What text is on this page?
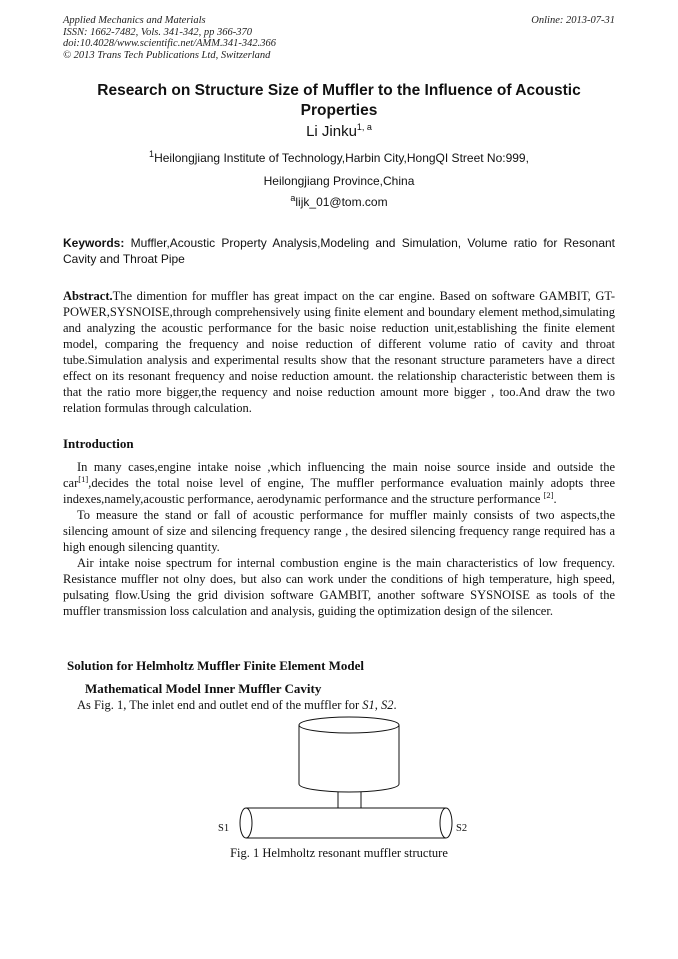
Applied Mechanics and Materials
ISSN: 1662-7482, Vols. 341-342, pp 366-370
doi:10.4028/www.scientific.net/AMM.341-342.366
© 2013 Trans Tech Publications Ltd, Switzerland
Online: 2013-07-31
Research on Structure Size of Muffler to the Influence of Acoustic Properties
Li Jinku$^{1, a}$
$^1$Heilongjiang Institute of Technology,Harbin City,HongQI Street No:999,
Heilongjiang Province,China
$^a$lijk_01@tom.com
Keywords: Muffler,Acoustic Property Analysis,Modeling and Simulation, Volume ratio for Resonant Cavity and Throat Pipe
Abstract.The dimention for muffler has great impact on the car engine. Based on software GAMBIT, GT-POWER,SYSNOISE,through comprehensively using finite element and boundary element method,simulating and analyzing the acoustic performance for the basic noise reduction unit,establishing the finite element model, comparing the frequency and noise reduction of different volume ratio of cavity and throat tube.Simulation analysis and experimental results show that the resonant structure parameters have a direct effect on its resonant frequency and noise reduction amount. the relationship characteristic between them is that the ratio more bigger,the requency and noise reduction amount more bigger , too.And draw the two relation formulas through calculation.
Introduction
In many cases,engine intake noise ,which influencing the main noise source inside and outside the car[1],decides the total noise level of engine, The muffler performance evaluation mainly adopts three indexes,namely,acoustic performance, aerodynamic performance and the structure performance [2].
To measure the stand or fall of acoustic performance for muffler mainly consists of two aspects,the silencing amount of size and silencing frequency range , the desired silencing frequency range required has a high enough silencing quantity.
Air intake noise spectrum for internal combustion engine is the main characteristics of low frequency. Resistance muffler not olny does, but also can work under the conditions of high temperature, high speed, pulsating flow.Using the grid division software GAMBIT, another software SYSNOISE as tools of the muffler transmission loss calculation and analysis, guiding the optimization design of the silencer.
Solution for Helmholtz Muffler Finite Element Model
Mathematical Model Inner Muffler Cavity
As Fig. 1, The inlet end and outlet end of the muffler for S1, S2.
S1	S2
Fig. 1 Helmholtz resonant muffler structure
